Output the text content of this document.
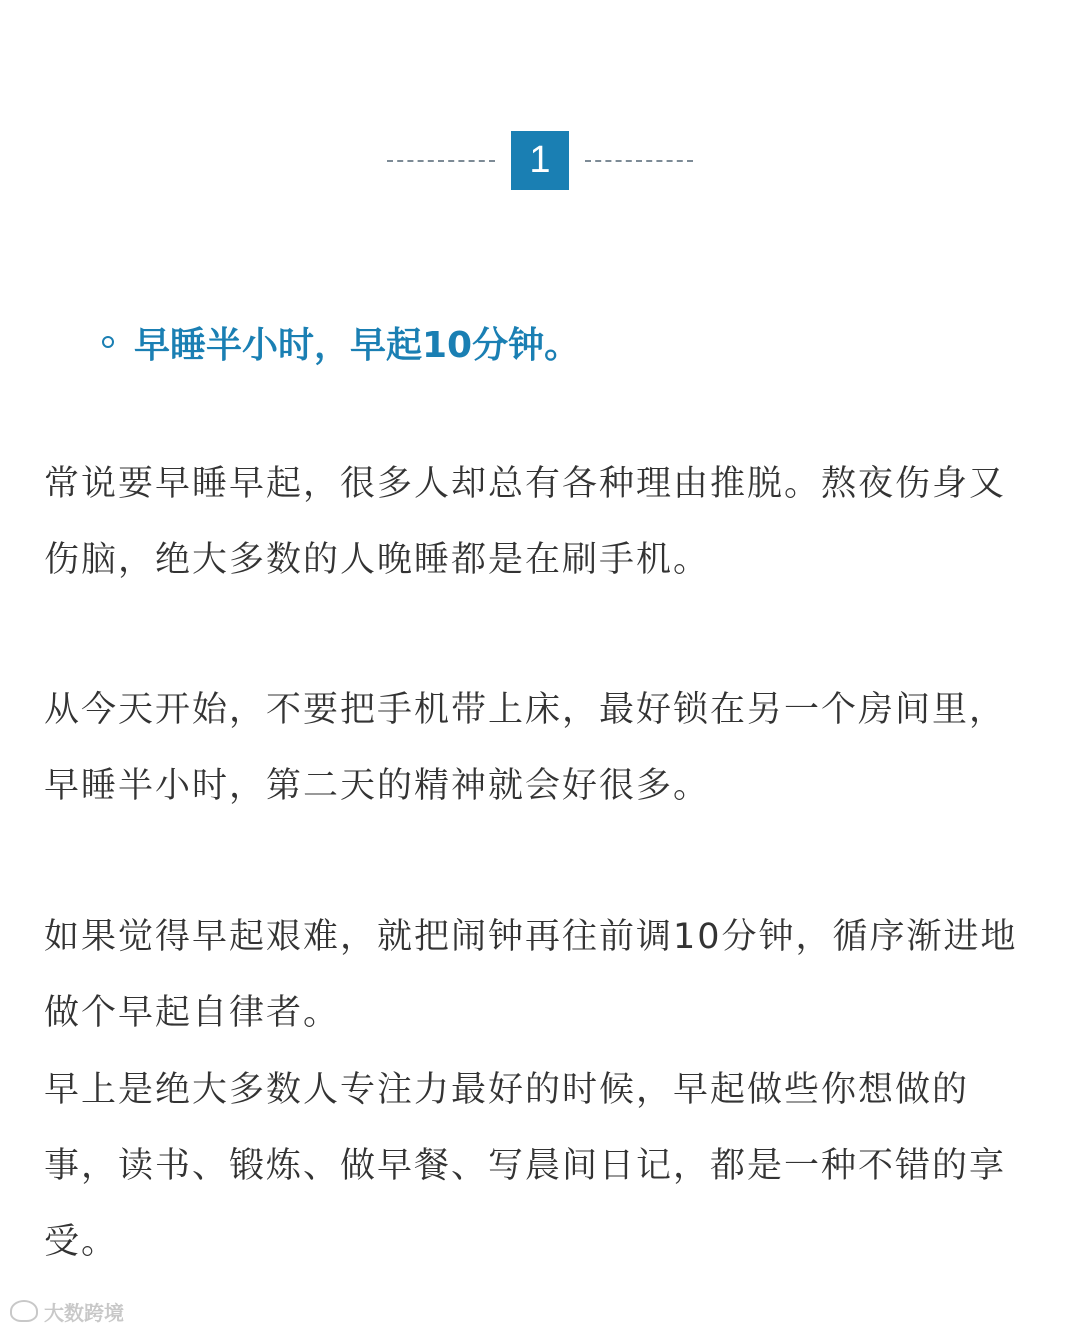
1
早睡半小时，早起10分钟。

常说要早睡早起，很多人却总有各种理由推脱。熬夜伤身又伤脑，绝大多数的人晚睡都是在刷手机。

从今天开始，不要把手机带上床，最好锁在另一个房间里，早睡半小时，第二天的精神就会好很多。

如果觉得早起艰难，就把闹钟再往前调10分钟，循序渐进地做个早起自律者。

早上是绝大多数人专注力最好的时候，早起做些你想做的事，读书、锻炼、做早餐、写晨间日记，都是一种不错的享受。

大数跨境
